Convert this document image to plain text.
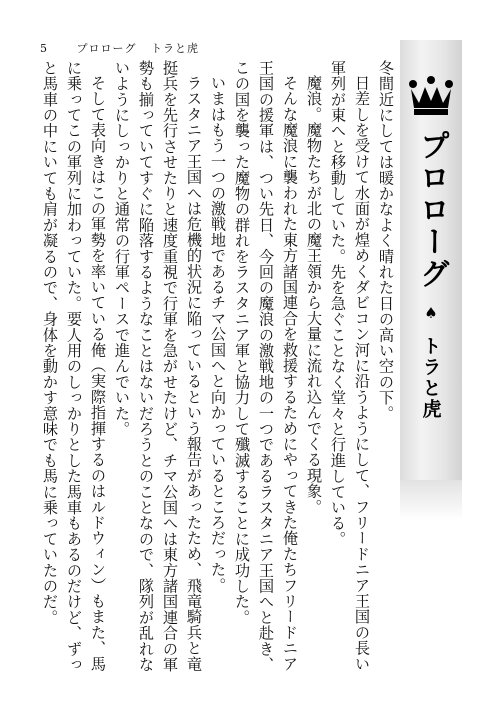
5	プロローグ トラと虎

冬間近にしては暖かなよく晴れた日の高い空の下。

日差しを受けて水面が煌めくダビコン河に沿うようにして、フリードニア王国の長い軍列が東へと移動していた。先を急ぐことなく堂々と行進している。

魔浪。魔物たちが北の魔王領から大量に流れ込んでくる現象。

そんな魔浪に襲われた東方諸国連合を救援するためにやってきた俺たちフリードニア王国の援軍は、つい先日、今回の魔浪の激戦地の一つであるラスタニア王国へと赴き、この国を襲った魔物の群れをラスタニア軍と協力して殲滅することに成功した。

いまはもう一つの激戦地であるチマ公国へと向かっているところだった。

ラスタニア王国へは危機的状況に陥っているという報告があったため、飛竜騎兵と竜挺兵を先行させたりと速度重視で行軍を急がせたけど、チマ公国へは東方諸国連合の軍勢も揃っていてすぐに陥落するようなことはないだろうとのことなので、隊列が乱れないようにしっかりと通常の行軍ペースで進んでいた。

そして表向きはこの軍勢を率いている俺（実際指揮するのはルドウィン）もまた、馬に乗ってこの軍列に加わっていた。要人用のしっかりとした馬車もあるのだけど、ずっと馬車の中にいても肩が凝るので、身体を動かす意味でも馬に乗っていたのだ。	プロローグ
♠
トラと虎
